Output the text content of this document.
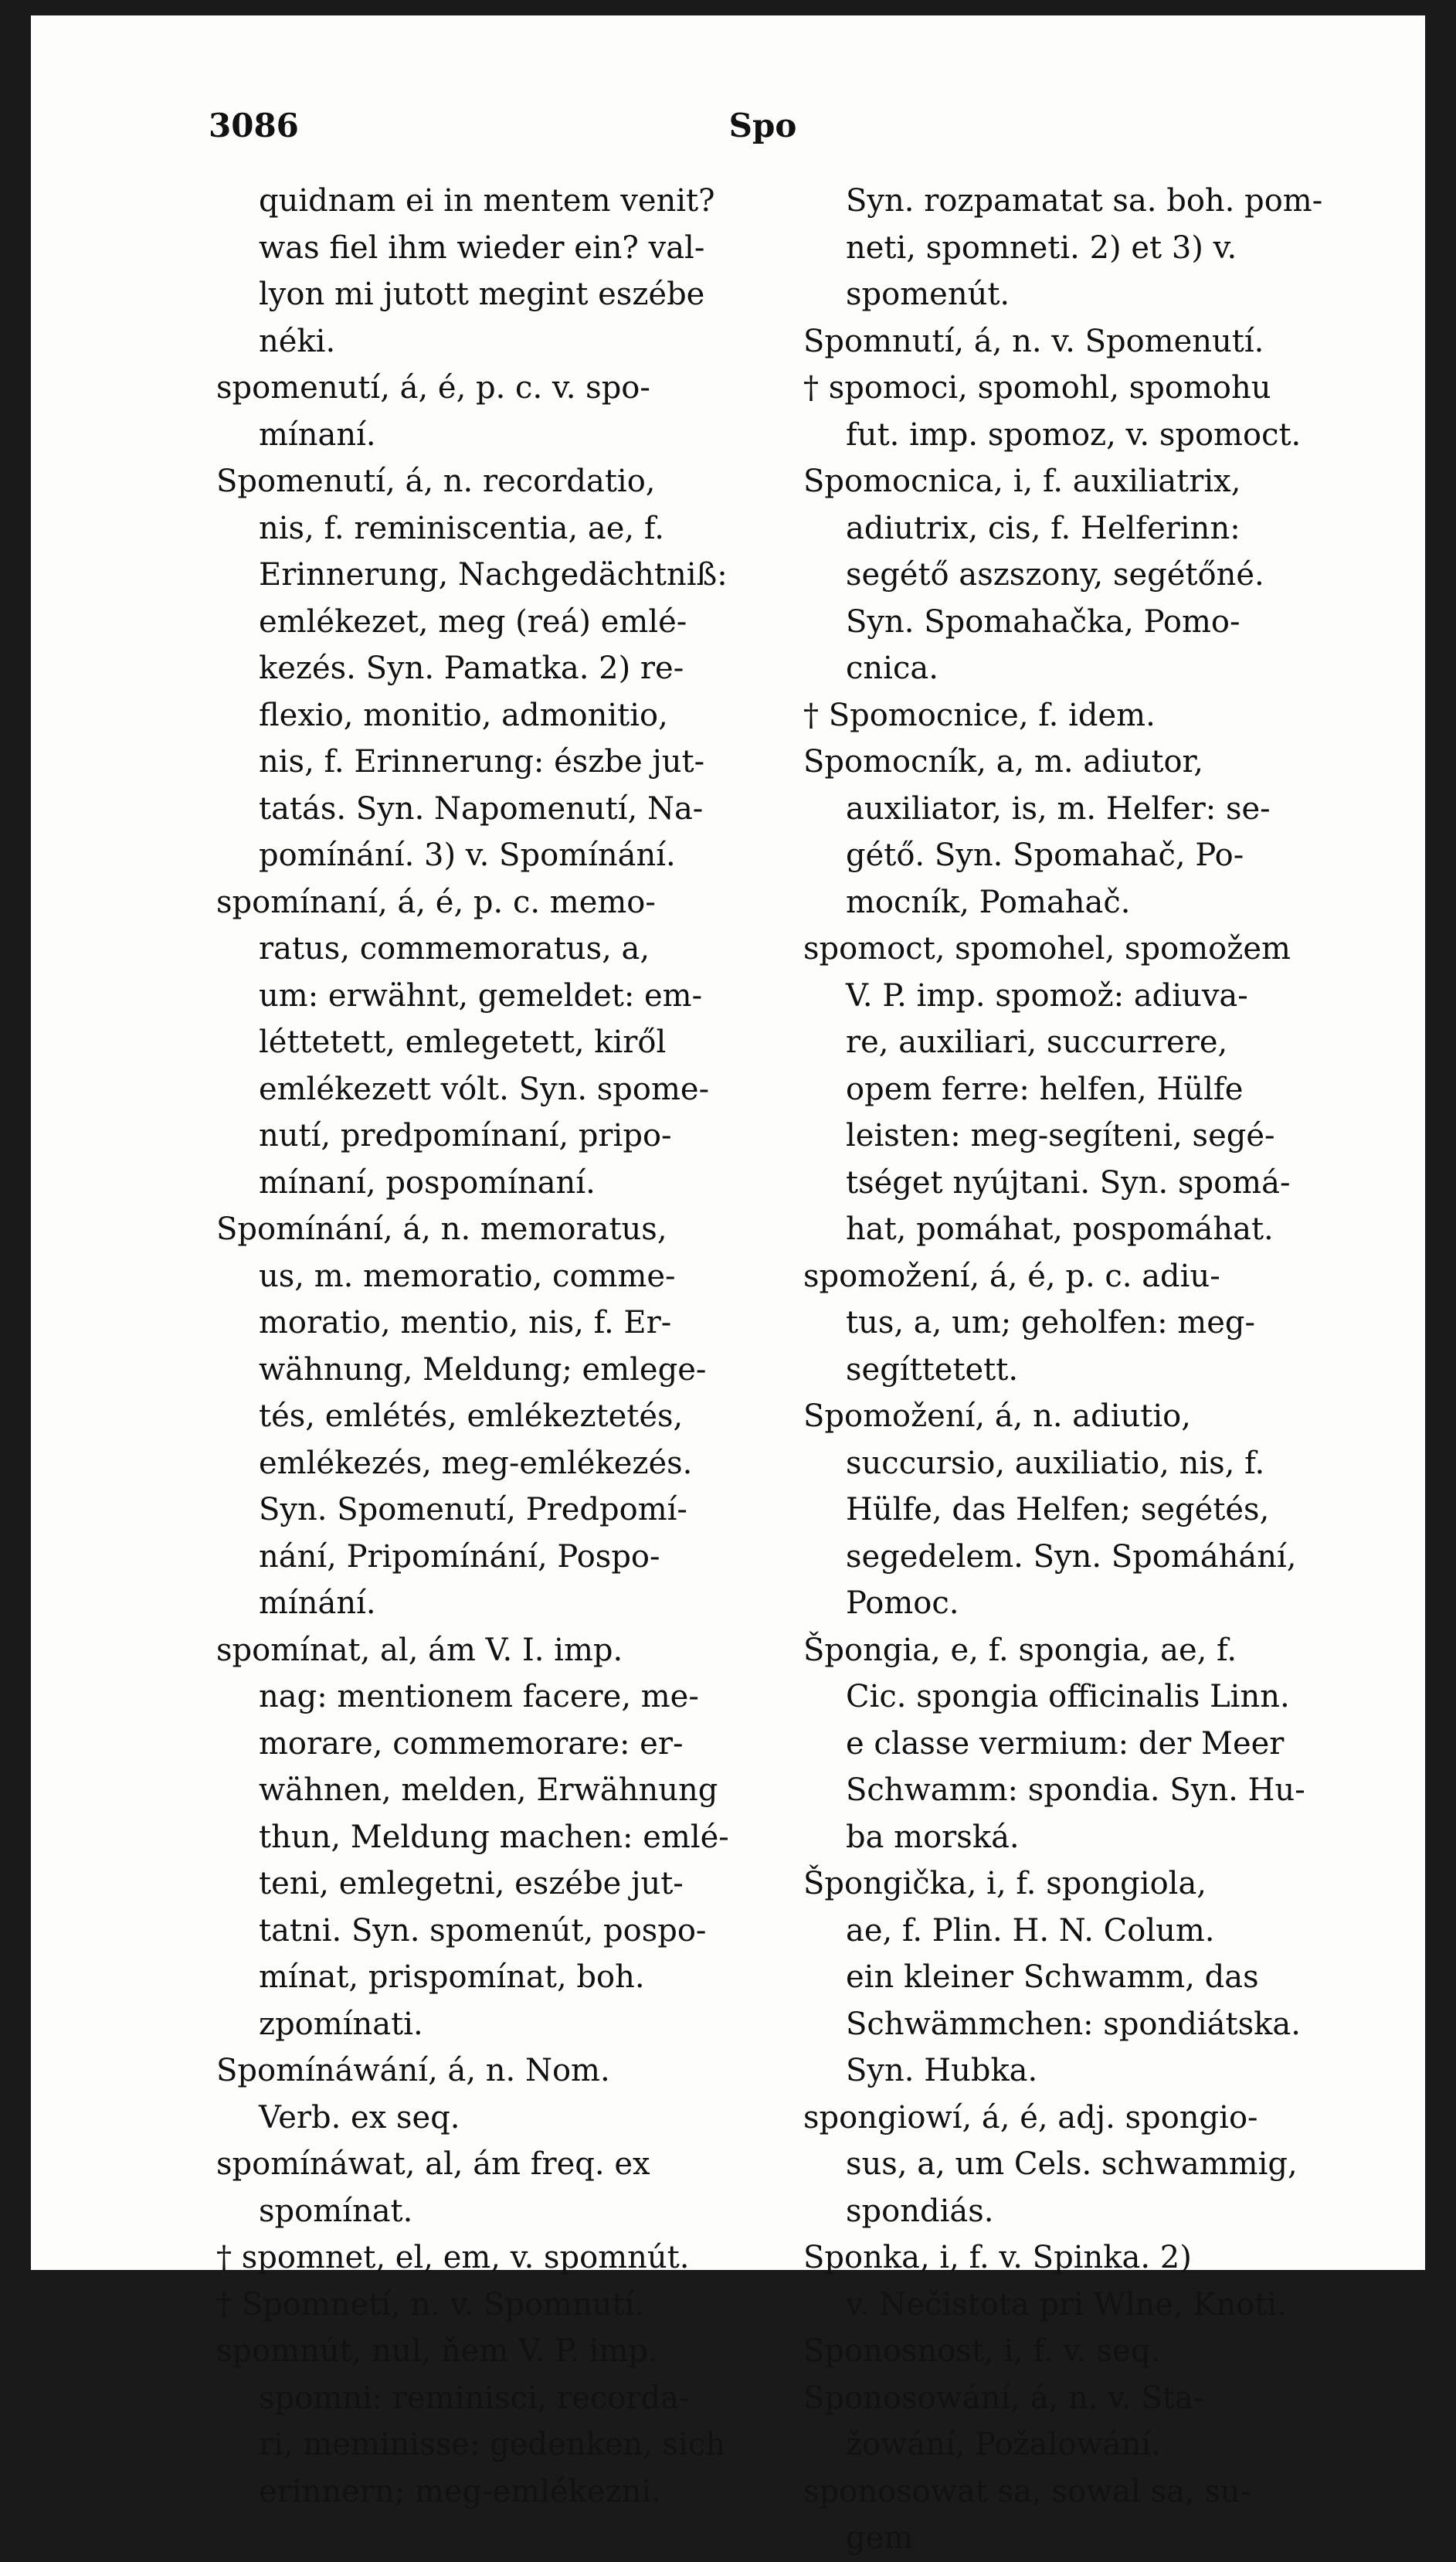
3086	Spo
quidnam ei in mentem venit?
was fiel ihm wieder ein? val-
lyon mi jutott megint eszébe
néki.
spomenutí, á, é, p. c. v. spo-
mínaní.
Spomenutí, á, n. recordatio,
nis, f. reminiscentia, ae, f.
Erinnerung, Nachgedächtniß:
emlékezet, meg (reá) emlé-
kezés. Syn. Pamatka. 2) re-
flexio, monitio, admonitio,
nis, f. Erinnerung: észbe jut-
tatás. Syn. Napomenutí, Na-
pomínání. 3) v. Spomínání.
spomínaní, á, é, p. c. memo-
ratus, commemoratus, a,
um: erwähnt, gemeldet: em-
léttetett, emlegetett, kiről
emlékezett vólt. Syn. spome-
nutí, predpomínaní, pripo-
mínaní, pospomínaní.
Spomínání, á, n. memoratus,
us, m. memoratio, comme-
moratio, mentio, nis, f. Er-
wähnung, Meldung; emlege-
tés, emlétés, emlékeztetés,
emlékezés, meg-emlékezés.
Syn. Spomenutí, Predpomí-
nání, Pripomínání, Pospo-
mínání.
spomínat, al, ám V. I. imp.
nag: mentionem facere, me-
morare, commemorare: er-
wähnen, melden, Erwähnung
thun, Meldung machen: emlé-
teni, emlegetni, eszébe jut-
tatni. Syn. spomenút, pospo-
mínat, prispomínat, boh.
zpomínati.
Spomínáwání, á, n. Nom.
Verb. ex seq.
spomínáwat, al, ám freq. ex
spomínat.
† spomnet, el, em, v. spomnút.
† Spomnetí, n. v. Spomnutí.
spomnút, nul, ňem V. P. imp.
spomni: reminisci, recorda-
ri, meminisse: gedenken, sich
erinnern; meg-emlékezni.
Syn. rozpamatat sa. boh. pom-
neti, spomneti. 2) et 3) v.
spomenút.
Spomnutí, á, n. v. Spomenutí.
† spomoci, spomohl, spomohu
fut. imp. spomoz, v. spomoct.
Spomocnica, i, f. auxiliatrix,
adiutrix, cis, f. Helferinn:
segétő aszszony, segétőné.
Syn. Spomahačka, Pomo-
cnica.
† Spomocnice, f. idem.
Spomocník, a, m. adiutor,
auxiliator, is, m. Helfer: se-
gétő. Syn. Spomahač, Po-
mocník, Pomahač.
spomoct, spomohel, spomožem
V. P. imp. spomož: adiuva-
re, auxiliari, succurrere,
opem ferre: helfen, Hülfe
leisten: meg-segíteni, segé-
tséget nyújtani. Syn. spomá-
hat, pomáhat, pospomáhat.
spomožení, á, é, p. c. adiu-
tus, a, um; geholfen: meg-
segíttetett.
Spomožení, á, n. adiutio,
succursio, auxiliatio, nis, f.
Hülfe, das Helfen; segétés,
segedelem. Syn. Spomáhání,
Pomoc.
Špongia, e, f. spongia, ae, f.
Cic. spongia officinalis Linn.
e classe vermium: der Meer
Schwamm: spondia. Syn. Hu-
ba morská.
Špongička, i, f. spongiola,
ae, f. Plin. H. N. Colum.
ein kleiner Schwamm, das
Schwämmchen: spondiátska.
Syn. Hubka.
spongiowí, á, é, adj. spongio-
sus, a, um Cels. schwammig,
spondiás.
Sponka, i, f. v. Spinka. 2)
v. Nečistota pri Wlne, Knoti.
Sponosnost, i, f. v. seq.
Sponosowání, á, n. v. Sta-
žowání, Požalowání.
sponosowat sa, sowal sa, su-
gem
